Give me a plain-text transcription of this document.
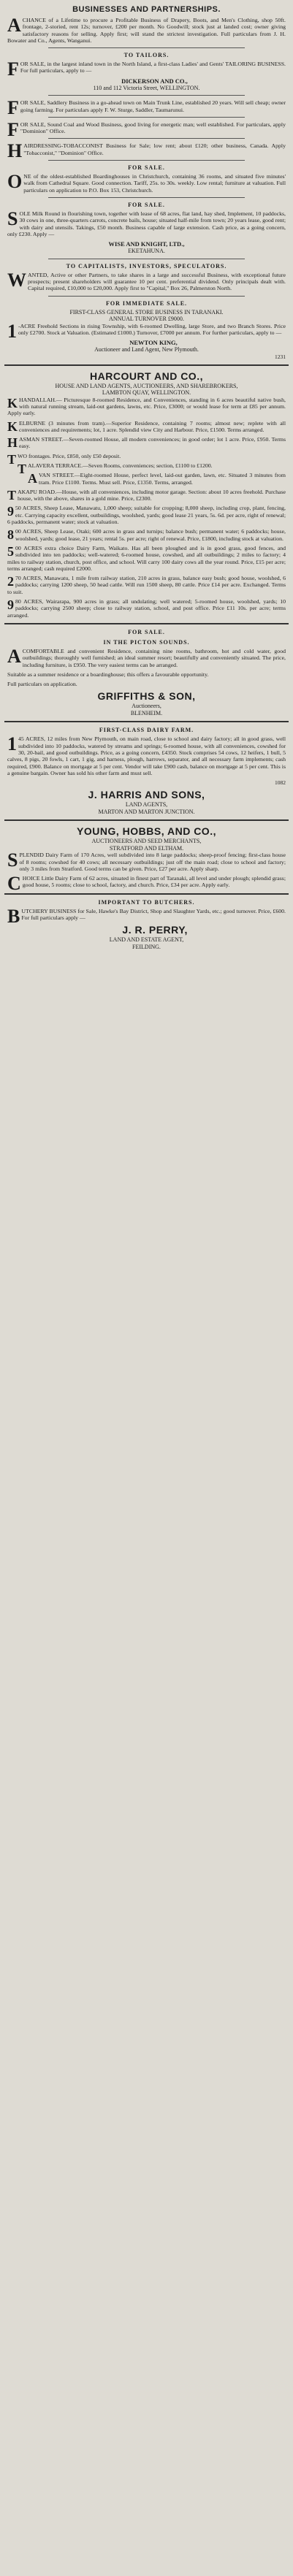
BUSINESSES AND PARTNERSHIPS.

ACHANCE of a Lifetime to procure a Profitable Business of Drapery, Boots, and Men's Clothing, shop 50ft. frontage, 2-storied, rent 12s; turnover, £200 per month. No Goodwill; stock just at landed cost; owner giving satisfactory reasons for selling. Apply first; will stand the strictest investigation. Full particulars from J. H. Bowater and Co., Agents, Wanganui.

TO TAILORS.

FOR SALE, in the largest inland town in the North Island, a first-class Ladies' and Gents' TAILORING BUSINESS. For full particulars, apply to —

DICKERSON AND CO.,

110 and 112 Victoria Street, WELLINGTON.

FOR SALE, Saddlery Business in a go-ahead town on Main Trunk Line, established 20 years. Will sell cheap; owner going farming. For particulars apply F. W. Sturge, Saddler, Taumarunui.

FOR SALE, Sound Coal and Wood Business, good living for energetic man; well established. For particulars, apply "Dominion" Office.

HAIRDRESSING-TOBACCONIST Business for Sale; low rent; about £120; other business, Canada. Apply "Tobacconist," "Dominion" Office.

FOR SALE.

ONE of the oldest-established Boardinghouses in Christchurch, containing 36 rooms, and situated five minutes' walk from Cathedral Square. Good connection. Tariff, 25s. to 30s. weekly. Low rental; furniture at valuation. Full particulars on application to P.O. Box 153, Christchurch.

FOR SALE.

SOLE Milk Round in flourishing town, together with lease of 68 acres, flat land, hay shed, Implement, 10 paddocks, 30 cows in one, three-quarters carrots, concrete bails, house; situated half-mile from town; 20 years lease, good rent; with dairy and utensils. Takings, £50 month. Business capable of large extension. Cash price, as a going concern, only £230. Apply —

WISE AND KNIGHT, LTD.,

EKETAHUNA.

TO CAPITALISTS, INVESTORS, SPECULATORS.

WANTED, Active or other Partners, to take shares in a large and successful Business, with exceptional future prospects; present shareholders will guarantee 10 per cent. preferential dividend. Only principals dealt with. Capital required, £10,000 to £20,000. Apply first to "Capital," Box 26, Palmerston North.

FOR IMMEDIATE SALE.

FIRST-CLASS GENERAL STORE BUSINESS IN TARANAKI.

ANNUAL TURNOVER £9000.

1-ACRE Freehold Sections in rising Township, with 6-roomed Dwelling, large Store, and two Branch Stores. Price only £2700. Stock at Valuation. (Estimated £1000.) Turnover, £7000 per annum. For further particulars, apply to —

NEWTON KING,

Auctioneer and Land Agent, New Plymouth.

1231

HARCOURT AND CO.,

HOUSE AND LAND AGENTS, AUCTIONEERS, AND SHAREBROKERS,

LAMBTON QUAY, WELLINGTON.

KHANDALLAH.— Picturesque 8-roomed Residence, and Conveniences, standing in 6 acres beautiful native bush, with natural running stream, laid-out gardens, lawns, etc. Price, £3000; or would lease for term at £85 per annum. Apply early.

KELBURNE (3 minutes from tram).—Superior Residence, containing 7 rooms; almost new; replete with all conveniences and requirements; lot, 1 acre. Splendid view City and Harbour. Price, £1500. Terms arranged.

HASMAN STREET.—Seven-roomed House, all modern conveniences; in good order; lot 1 acre. Price, £950. Terms easy.

TWO frontages. Price, £850, only £50 deposit.

TALAVERA TERRACE.—Seven Rooms, conveniences; section, £1100 to £1200.

AVAN STREET.—Eight-roomed House, perfect level, laid-out garden, lawn, etc. Situated 3 minutes from tram. Price £1100. Terms. Must sell. Price, £1350. Terms, arranged.

TAKAPU ROAD.—House, with all conveniences, including motor garage. Section: about 10 acres freehold. Purchase house, with the above, shares in a gold mine. Price, £2300.

950 ACRES, Sheep Lease, Manawatu, 1,000 sheep; suitable for cropping; 8,000 sheep, including crop, plant, fencing, etc. Carrying capacity excellent, outbuildings, woolshed, yards; good lease 21 years, 5s. 6d. per acre, right of renewal; 6 paddocks, permanent water; stock at valuation.

800 ACRES, Sheep Lease, Otaki; 600 acres in grass and turnips; balance bush; permanent water; 6 paddocks; house, woolshed, yards; good lease, 21 years; rental 5s. per acre; right of renewal. Price, £1800, including stock at valuation.

500 ACRES extra choice Dairy Farm, Waikato. Has all been ploughed and is in good grass, good fences, and subdivided into ten paddocks; well-watered; 6-roomed house, cowshed, and all outbuildings; 2 miles to factory; 4 miles to railway station, church, post office, and school. Will carry 100 dairy cows all the year round. Price, £15 per acre; terms arranged; cash required £2000.

270 ACRES, Manawatu, 1 mile from railway station, 210 acres in grass, balance easy bush; good house, woolshed, 6 paddocks; carrying 1200 sheep, 50 head cattle. Will run 1500 sheep, 80 cattle. Price £14 per acre. Exchanged. Terms to suit.

980 ACRES, Wairarapa, 900 acres in grass; all undulating; well watered; 5-roomed house, woolshed, yards; 10 paddocks; carrying 2500 sheep; close to railway station, school, and post office. Price £11 10s. per acre; terms arranged.

FOR SALE.

IN THE PICTON SOUNDS.

ACOMFORTABLE and convenient Residence, containing nine rooms, bathroom, hot and cold water, good outbuildings; thoroughly well furnished; an ideal summer resort; beautifully and conveniently situated. The price, including furniture, is £950. The very easiest terms can be arranged.

Suitable as a summer residence or a boardinghouse; this offers a favourable opportunity.

Full particulars on application.

GRIFFITHS & SON,

Auctioneers,

BLENHEIM.

FIRST-CLASS DAIRY FARM.

145 ACRES, 12 miles from New Plymouth, on main road, close to school and dairy factory; all in good grass, well subdivided into 10 paddocks, watered by streams and springs; 6-roomed house, with all conveniences, cowshed for 30, 20-bail, and good outbuildings. Price, as a going concern, £4350. Stock comprises 54 cows, 12 heifers, 1 bull, 5 calves, 8 pigs, 20 fowls, 1 cart, 1 gig, and harness, plough, harrows, separator, and all necessary farm implements; cash required, £900. Balance on mortgage at 5 per cent. Vendor will take £900 cash, balance on mortgage at 5 per cent. This is a genuine bargain. Owner has sold his other farm and must sell.

1082

J. HARRIS AND SONS,

LAND AGENTS,

MARTON AND MARTON JUNCTION.

YOUNG, HOBBS, AND CO.,

AUCTIONEERS AND SEED MERCHANTS,

STRATFORD AND ELTHAM.

SPLENDID Dairy Farm of 170 Acres, well subdivided into 8 large paddocks; sheep-proof fencing; first-class house of 8 rooms; cowshed for 40 cows; all necessary outbuildings; just off the main road; close to school and factory; only 3 miles from Stratford. Good terms can be given. Price, £27 per acre. Apply sharp.

CHOICE Little Dairy Farm of 62 acres, situated in finest part of Taranaki, all level and under plough; splendid grass; good house, 5 rooms; close to school, factory, and church. Price, £34 per acre. Apply early.

IMPORTANT TO BUTCHERS.

BUTCHERY BUSINESS for Sale, Hawke's Bay District, Shop and Slaughter Yards, etc.; good turnover. Price, £600. For full particulars apply —

J. R. PERRY,

LAND AND ESTATE AGENT,

FEILDING.
